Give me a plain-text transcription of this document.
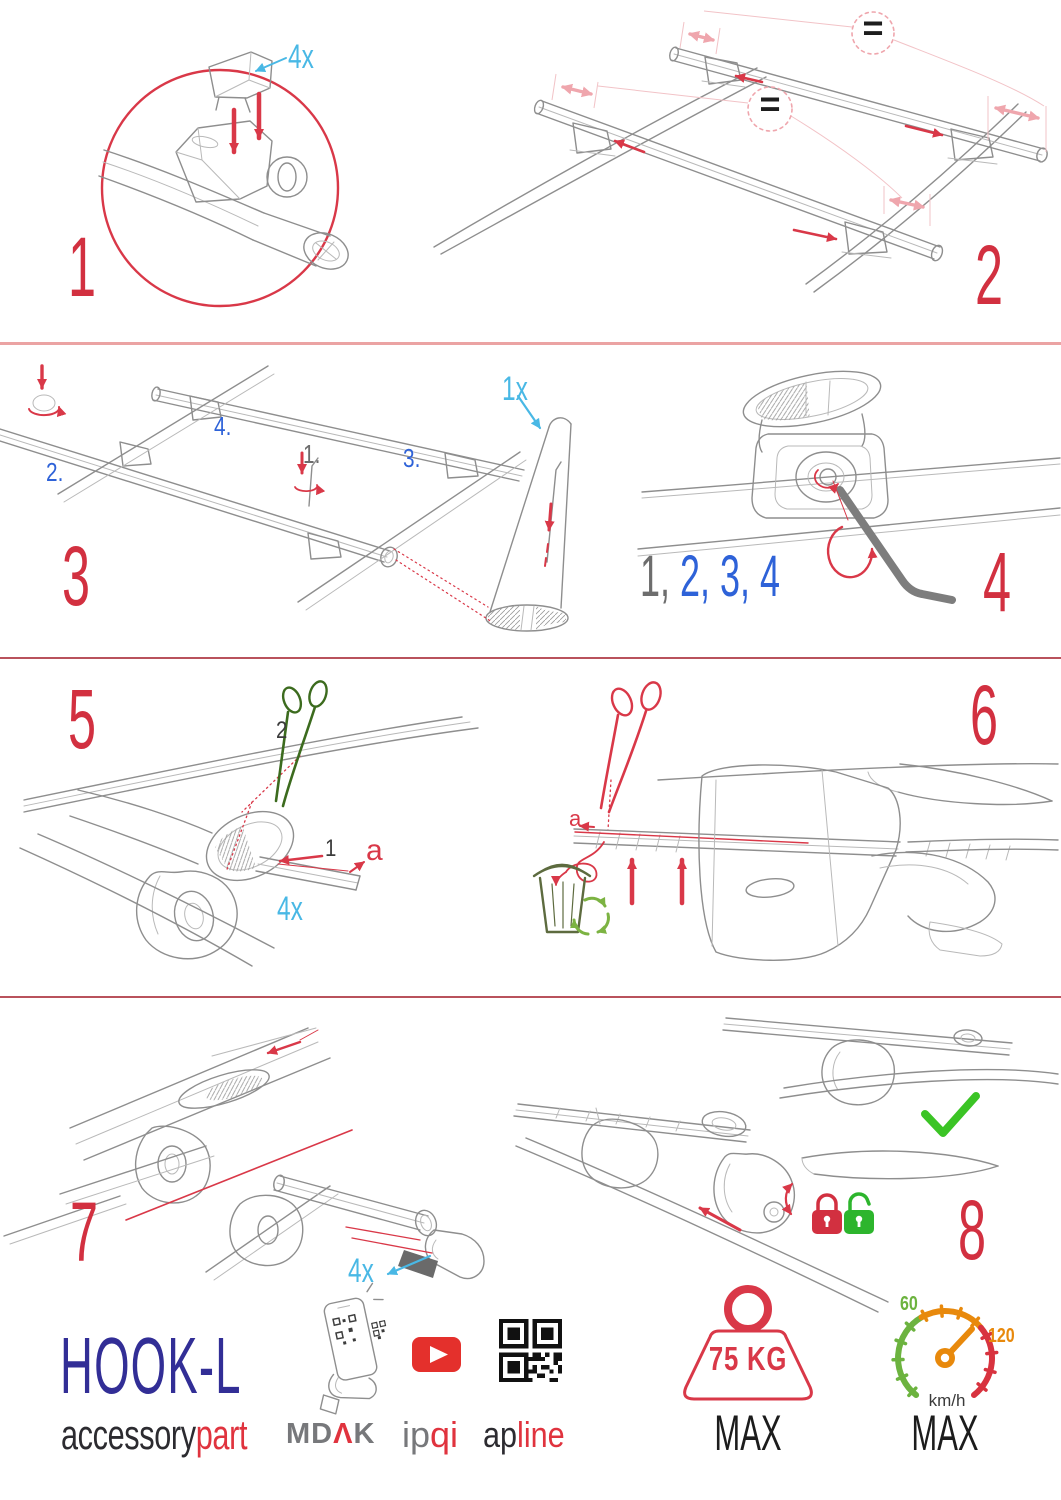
1
4x
2
=
=
3
1.
2.	3.
4.
1x
4
1, 2, 3, 4
5	2
1 a
4x
6
a
7	4x	8
HOOK-L
accessorypart MDΛK ipqi apline
75 KG
MAX
60
120
km/h
MAX
